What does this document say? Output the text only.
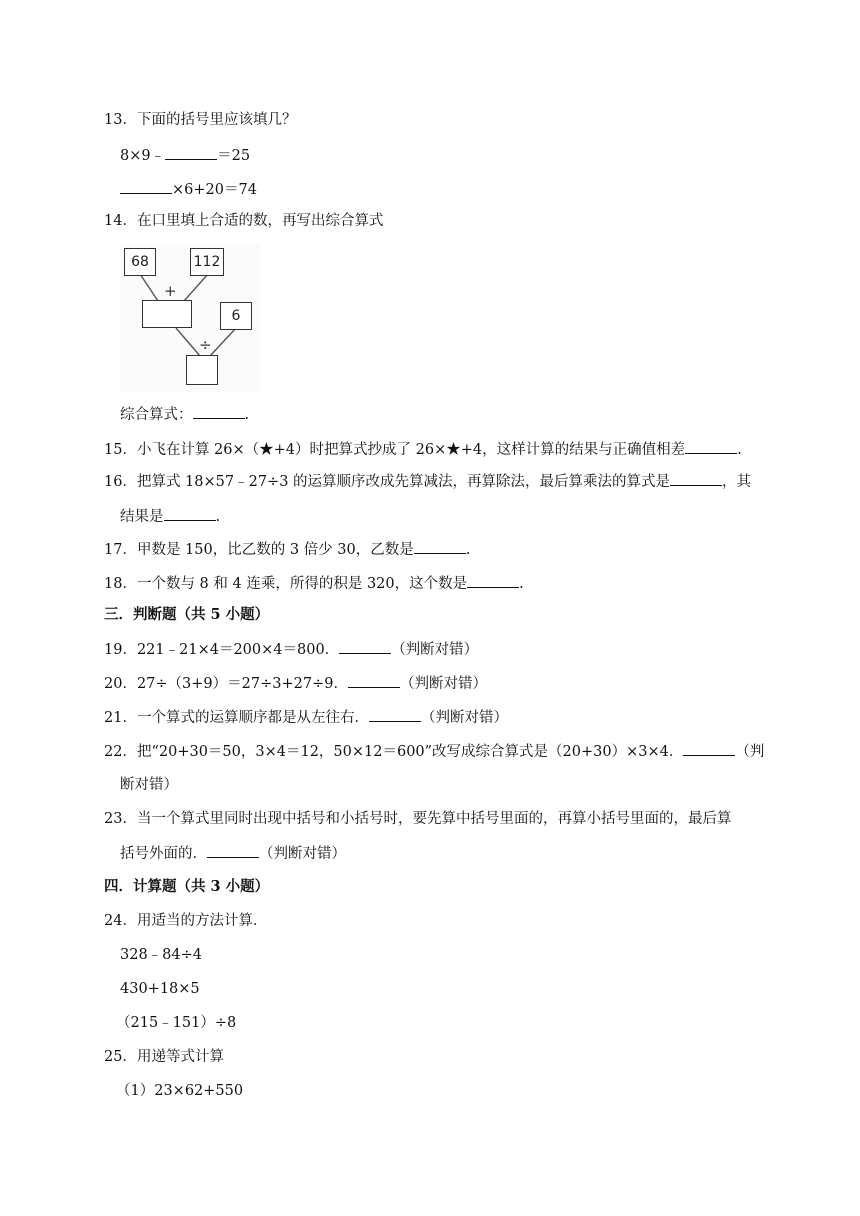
13．下面的括号里应该填几？
8×9﹣	＝25
×6+20＝74
14．在口里填上合适的数，再写出综合算式
68	112
+
6
÷
综合算式：	.
15．小飞在计算 26×（★+4）时把算式抄成了 26×★+4，这样计算的结果与正确值相差	.
16．把算式 18×57﹣27÷3 的运算顺序改成先算减法，再算除法，最后算乘法的算式是	，其
结果是	.
17．甲数是 150，比乙数的 3 倍少 30，乙数是	.
18．一个数与 8 和 4 连乘，所得的积是 320，这个数是	.
三．判断题（共 5 小题）
19．221﹣21×4＝200×4＝800．	（判断对错）
20．27÷（3+9）＝27÷3+27÷9．	（判断对错）
21．一个算式的运算顺序都是从左往右．	（判断对错）
22．把“20+30＝50，3×4＝12，50×12＝600”改写成综合算式是（20+30）×3×4．	（判
断对错）
23．当一个算式里同时出现中括号和小括号时，要先算中括号里面的，再算小括号里面的，最后算
括号外面的．	（判断对错）
四．计算题（共 3 小题）
24．用适当的方法计算．
328﹣84÷4
430+18×5
（215﹣151）÷8
25．用递等式计算
（1）23×62+550
